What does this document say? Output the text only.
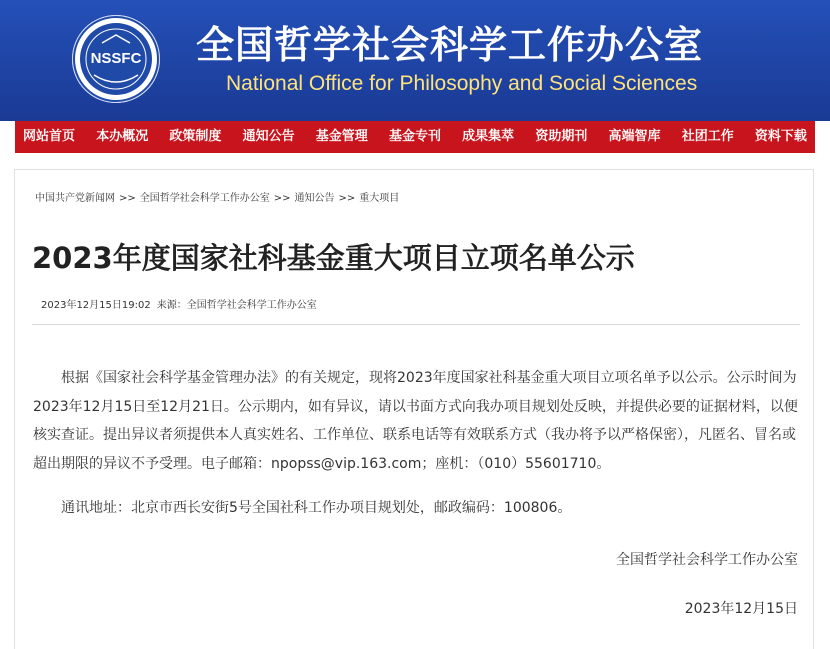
NSSFC 全国哲学社会科学工作办公室
National Office for Philosophy and Social Sciences
网站首页 本办概况 政策制度 通知公告 基金管理 基金专刊 成果集萃 资助期刊 高端智库 社团工作 资料下载
中国共产党新闻网 >> 全国哲学社会科学工作办公室 >> 通知公告 >> 重大项目
2023年度国家社科基金重大项目立项名单公示
2023年12月15日19:02 来源：全国哲学社会科学工作办公室

根据《国家社会科学基金管理办法》的有关规定，现将2023年度国家社科基金重大项目立项名单予以公示。公示时间为2023年12月15日至12月21日。公示期内，如有异议，请以书面方式向我办项目规划处反映，并提供必要的证据材料，以便核实查证。提出异议者须提供本人真实姓名、工作单位、联系电话等有效联系方式（我办将予以严格保密），凡匿名、冒名或超出期限的异议不予受理。电子邮箱：npopss@vip.163.com；座机：（010）55601710。

通讯地址：北京市西长安街5号全国社科工作办项目规划处，邮政编码：100806。

全国哲学社会科学工作办公室
2023年12月15日
